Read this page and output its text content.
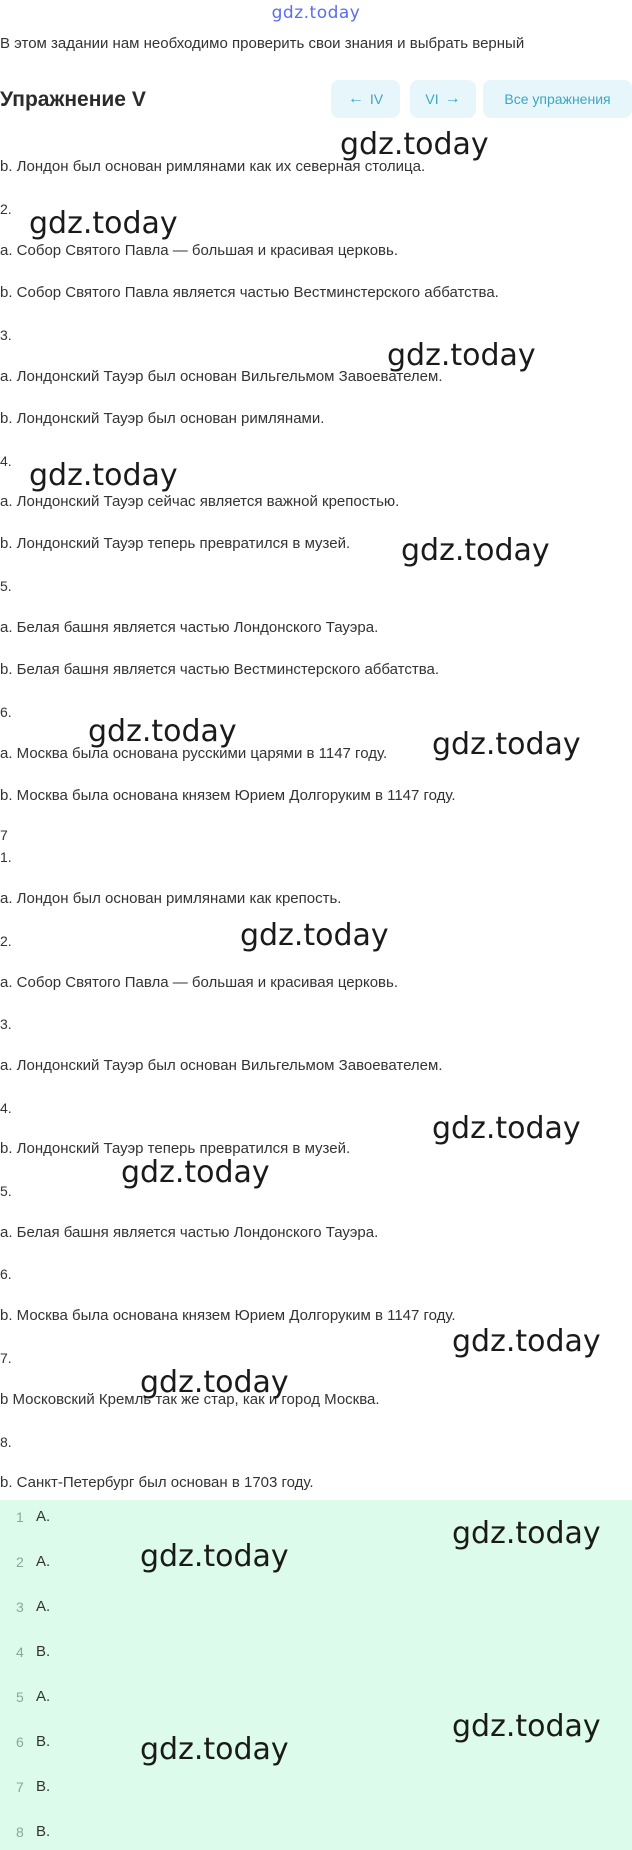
gdz.today
В этом задании нам необходимо проверить свои знания и выбрать верный
Упражнение V	← IV	VI →	Все упражнения
b. Лондон был основан римлянами как их северная столица.
2.
a. Собор Святого Павла — большая и красивая церковь.
b. Собор Святого Павла является частью Вестминстерского аббатства.
3.
a. Лондонский Тауэр был основан Вильгельмом Завоевателем.
b. Лондонский Тауэр был основан римлянами.
4.
a. Лондонский Тауэр сейчас является важной крепостью.
b. Лондонский Тауэр теперь превратился в музей.
5.
a. Белая башня является частью Лондонского Тауэра.
b. Белая башня является частью Вестминстерского аббатства.
6.
a. Москва была основана русскими царями в 1147 году.
b. Москва была основана князем Юрием Долгоруким в 1147 году.
7
1.
a. Лондон был основан римлянами как крепость.
2.
a. Собор Святого Павла — большая и красивая церковь.
3.
a. Лондонский Тауэр был основан Вильгельмом Завоевателем.
4.
b. Лондонский Тауэр теперь превратился в музей.
5.
a. Белая башня является частью Лондонского Тауэра.
6.
b. Москва была основана князем Юрием Долгоруким в 1147 году.
7.
b Московский Кремль так же стар, как и город Москва.
8.
b. Санкт-Петербург был основан в 1703 году.
1 A.
2 A.
3 A.
4 B.
5 A.
6 B.
7 B.
8 B.
gdz.today
gdz.today
gdz.today
gdz.today
gdz.today
gdz.today	gdz.today
gdz.today
gdz.today
gdz.today
gdz.today
gdz.today
gdz.today
gdz.today
gdz.today
gdz.today
